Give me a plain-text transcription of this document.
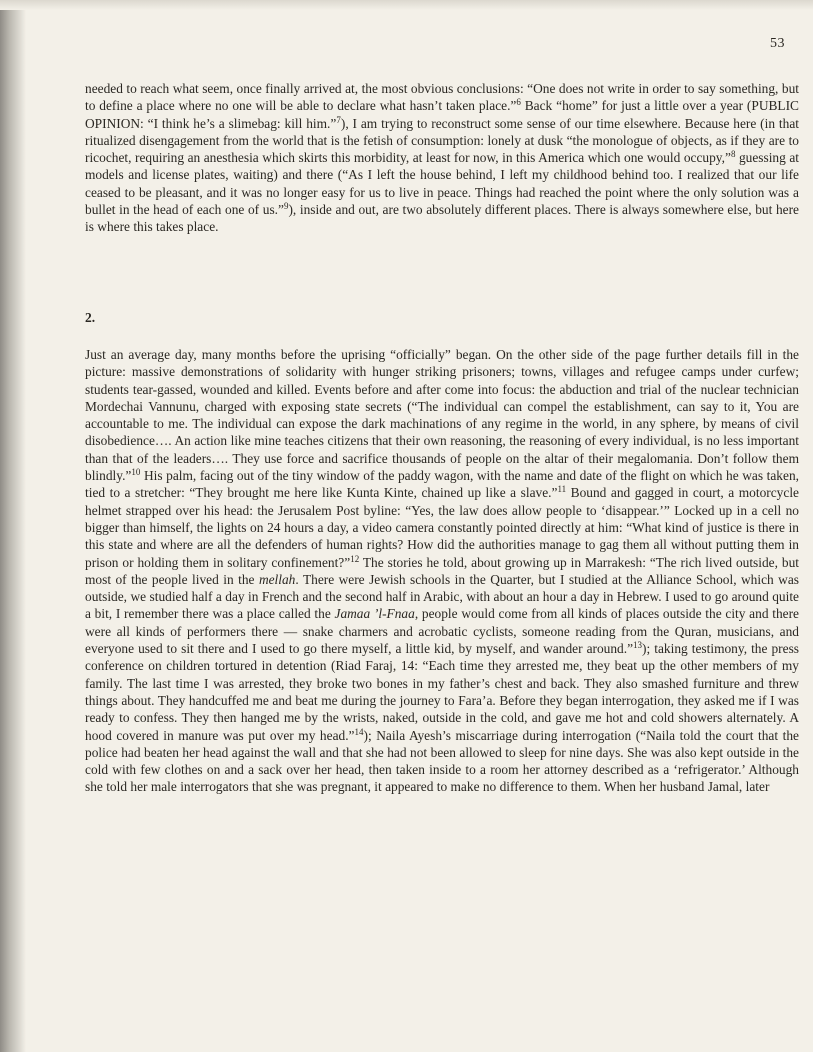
53

needed to reach what seem, once finally arrived at, the most obvious conclusions: “One does not write in order to say something, but to define a place where no one will be able to declare what hasn’t taken place.”$^6$ Back “home” for just a little over a year (PUBLIC OPINION: “I think he’s a slimebag: kill him.”$^7$), I am trying to reconstruct some sense of our time elsewhere. Because here (in that ritualized disengagement from the world that is the fetish of consumption: lonely at dusk “the monologue of objects, as if they are to ricochet, requiring an anesthesia which skirts this morbidity, at least for now, in this America which one would occupy,”$^8$ guessing at models and license plates, waiting) and there (“As I left the house behind, I left my childhood behind too. I realized that our life ceased to be pleasant, and it was no longer easy for us to live in peace. Things had reached the point where the only solution was a bullet in the head of each one of us.”$^9$), inside and out, are two absolutely different places. There is always somewhere else, but here is where this takes place.

2.

Just an average day, many months before the uprising “officially” began. On the other side of the page further details fill in the picture: massive demonstrations of solidarity with hunger striking prisoners; towns, villages and refugee camps under curfew; students tear-gassed, wounded and killed. Events before and after come into focus: the abduction and trial of the nuclear technician Mordechai Vannunu, charged with exposing state secrets (“The individual can compel the establishment, can say to it, You are accountable to me. The individual can expose the dark machinations of any regime in the world, in any sphere, by means of civil disobedience…. An action like mine teaches citizens that their own reasoning, the reasoning of every individual, is no less important than that of the leaders…. They use force and sacrifice thousands of people on the altar of their megalomania. Don’t follow them blindly.”$^{10}$ His palm, facing out of the tiny window of the paddy wagon, with the name and date of the flight on which he was taken, tied to a stretcher: “They brought me here like Kunta Kinte, chained up like a slave.”$^{11}$ Bound and gagged in court, a motorcycle helmet strapped over his head: the Jerusalem Post byline: “Yes, the law does allow people to ‘disappear.’” Locked up in a cell no bigger than himself, the lights on 24 hours a day, a video camera constantly pointed directly at him: “What kind of justice is there in this state and where are all the defenders of human rights? How did the authorities manage to gag them all without putting them in prison or holding them in solitary confinement?”$^{12}$ The stories he told, about growing up in Marrakesh: “The rich lived outside, but most of the people lived in the mellah. There were Jewish schools in the Quarter, but I studied at the Alliance School, which was outside, we studied half a day in French and the second half in Arabic, with about an hour a day in Hebrew. I used to go around quite a bit, I remember there was a place called the Jamaa ’l-Fnaa, people would come from all kinds of places outside the city and there were all kinds of performers there — snake charmers and acrobatic cyclists, someone reading from the Quran, musicians, and everyone used to sit there and I used to go there myself, a little kid, by myself, and wander around.”$^{13}$); taking testimony, the press conference on children tortured in detention (Riad Faraj, 14: “Each time they arrested me, they beat up the other members of my family. The last time I was arrested, they broke two bones in my father’s chest and back. They also smashed furniture and threw things about. They handcuffed me and beat me during the journey to Fara’a. Before they began interrogation, they asked me if I was ready to confess. They then hanged me by the wrists, naked, outside in the cold, and gave me hot and cold showers alternately. A hood covered in manure was put over my head.”$^{14}$); Naila Ayesh’s miscarriage during interrogation (“Naila told the court that the police had beaten her head against the wall and that she had not been allowed to sleep for nine days. She was also kept outside in the cold with few clothes on and a sack over her head, then taken inside to a room her attorney described as a ‘refrigerator.’ Although she told her male interrogators that she was pregnant, it appeared to make no difference to them. When her husband Jamal, later
